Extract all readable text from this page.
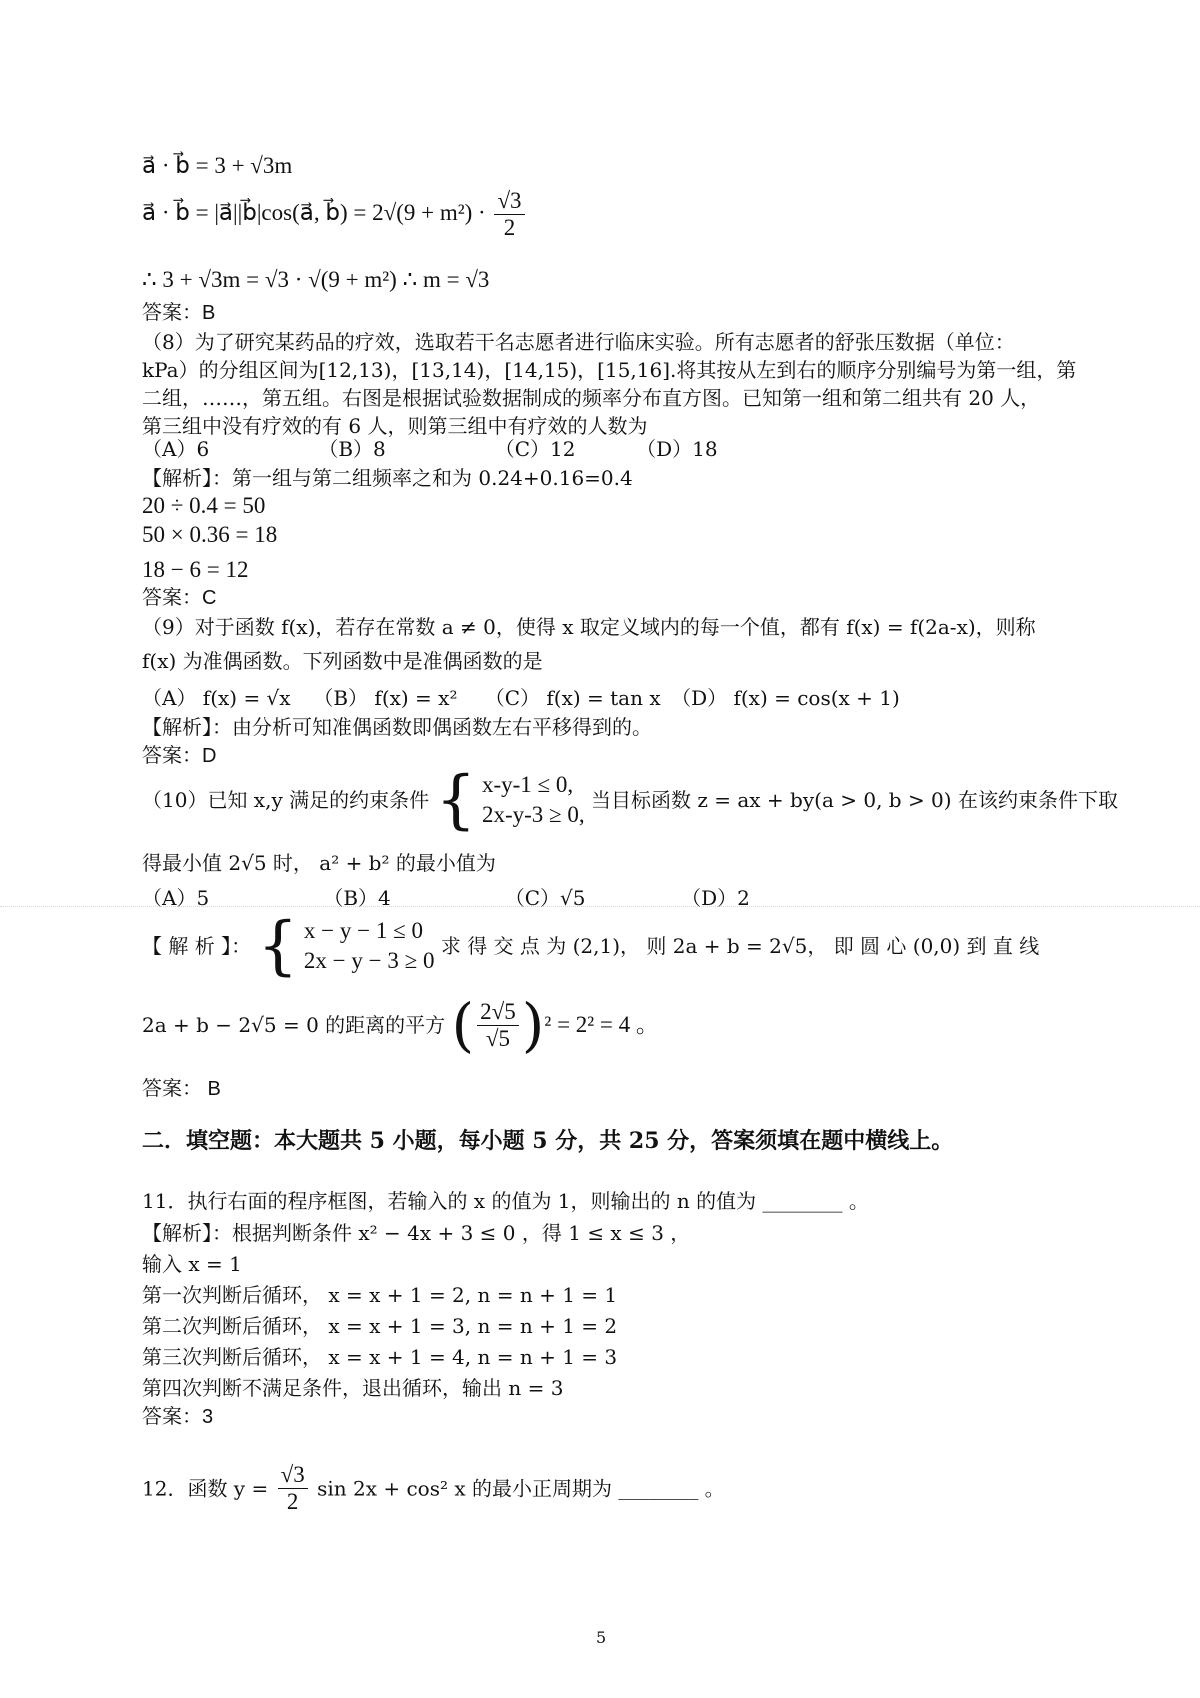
a⃗ · b⃗ = 3 + √3m
a⃗ · b⃗ = |a⃗||b⃗|cos(a⃗, b⃗) = $2√(9 + m^2) \cdot \frac{√3}{2}$
∴ 3 + √3m = √3 · √(9 + m²) ∴ m = √3
答案：B
（8）为了研究某药品的疗效，选取若干名志愿者进行临床实验。所有志愿者的舒张压数据（单位：
kPa）的分组区间为[12,13)，[13,14)，[14,15)，[15,16].将其按从左到右的顺序分别编号为第一组，第
二组，……，第五组。右图是根据试验数据制成的频率分布直方图。已知第一组和第二组共有 20 人，
第三组中没有疗效的有 6 人，则第三组中有疗效的人数为
（A）6	（B）8	（C）12	（D）18
【解析】：第一组与第二组频率之和为 0.24+0.16=0.4
20 ÷ 0.4 = 50
50 × 0.36 = 18
18 − 6 = 12
答案：C
（9）对于函数 f(x)，若存在常数 a ≠ 0，使得 x 取定义域内的每一个值，都有 f(x) = f(2a-x)，则称
f(x) 为准偶函数。下列函数中是准偶函数的是
（A） f(x) = √x （B） f(x) = x² （C） f(x) = tan x （D） f(x) = cos(x + 1)
【解析】：由分析可知准偶函数即偶函数左右平移得到的。
答案：D
（10）已知 x,y 满足的约束条件 { x-y-1 ≤ 0,
2x-y-3 ≥ 0,
当目标函数 z = ax + by(a > 0, b > 0) 在该约束条件下取
得最小值 2√5 时， a² + b² 的最小值为
（A）5	（B）4	（C）√5	（D）2
【 解 析 】： { x − y − 1 ≤ 0
2x − y − 3 ≥ 0
求 得 交 点 为 (2,1)， 则 2a + b = 2√5， 即 圆 心 (0,0) 到 直 线
2a + b − 2√5 = 0 的距离的平方 ( $\frac{2√5}{√5} )^2 = 2^2 = 4$ 。
答案： B
二．填空题：本大题共 5 小题，每小题 5 分，共 25 分，答案须填在题中横线上。
11．执行右面的程序框图，若输入的 x 的值为 1，则输出的 n 的值为 ________ 。
【解析】：根据判断条件 x² − 4x + 3 ≤ 0 ，得 1 ≤ x ≤ 3 ，
输入 x = 1
第一次判断后循环， x = x + 1 = 2, n = n + 1 = 1
第二次判断后循环， x = x + 1 = 3, n = n + 1 = 2
第三次判断后循环， x = x + 1 = 4, n = n + 1 = 3
第四次判断不满足条件，退出循环，输出 n = 3
答案：3
12．函数 $y = \frac{√3}{2}$ sin 2x + cos² x 的最小正周期为 ________ 。
5
